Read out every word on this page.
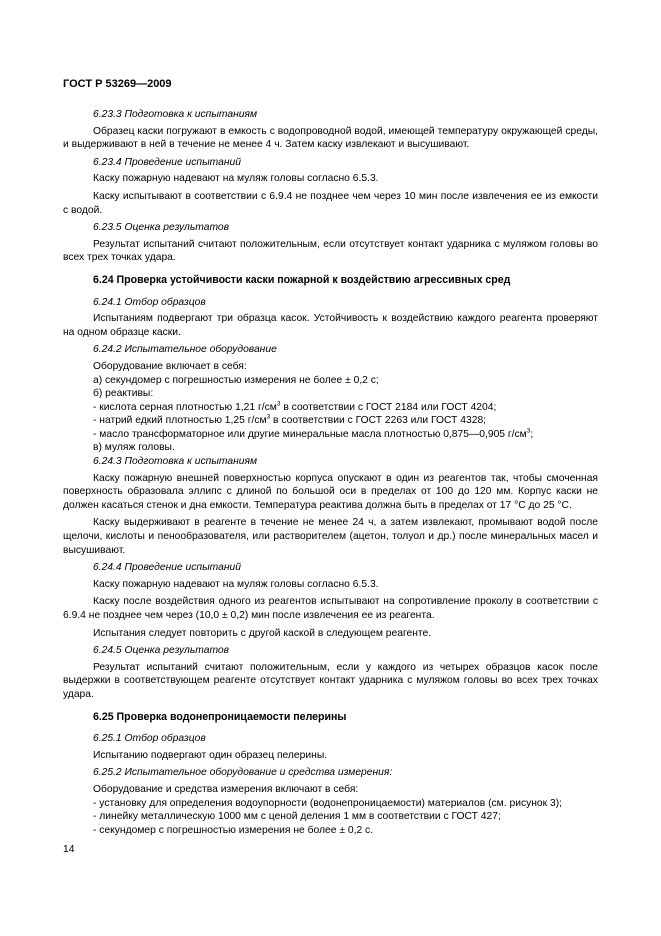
ГОСТ Р 53269—2009

6.23.3 Подготовка к испытаниям

Образец каски погружают в емкость с водопроводной водой, имеющей температуру окружающей среды, и выдерживают в ней в течение не менее 4 ч. Затем каску извлекают и высушивают.

6.23.4 Проведение испытаний

Каску пожарную надевают на муляж головы согласно 6.5.3.

Каску испытывают в соответствии с 6.9.4 не позднее чем через 10 мин после извлечения ее из емкости с водой.

6.23.5 Оценка результатов

Результат испытаний считают положительным, если отсутствует контакт ударника с муляжом головы во всех трех точках удара.

6.24 Проверка устойчивости каски пожарной к воздействию агрессивных сред

6.24.1 Отбор образцов

Испытаниям подвергают три образца касок. Устойчивость к воздействию каждого реагента проверяют на одном образце каски.

6.24.2 Испытательное оборудование

Оборудование включает в себя:

а) секундомер с погрешностью измерения не более ± 0,2 с;

б) реактивы:

- кислота серная плотностью 1,21 $г/см^3$ в соответствии с ГОСТ 2184 или ГОСТ 4204;

- натрий едкий плотностью 1,25 $г/см^3$ в соответствии с ГОСТ 2263 или ГОСТ 4328;

- масло трансформаторное или другие минеральные масла плотностью 0,875—0,905 $г/см^3$;

в) муляж головы.

6.24.3 Подготовка к испытаниям

Каску пожарную внешней поверхностью корпуса опускают в один из реагентов так, чтобы смоченная поверхность образовала эллипс с длиной по большой оси в пределах от 100 до 120 мм. Корпус каски не должен касаться стенок и дна емкости. Температура реактива должна быть в пределах от 17 °С до 25 °С.

Каску выдерживают в реагенте в течение не менее 24 ч, а затем извлекают, промывают водой после щелочи, кислоты и пенообразователя, или растворителем (ацетон, толуол и др.) после минеральных масел и высушивают.

6.24.4 Проведение испытаний

Каску пожарную надевают на муляж головы согласно 6.5.3.

Каску после воздействия одного из реагентов испытывают на сопротивление проколу в соответствии с 6.9.4 не позднее чем через (10,0 ± 0,2) мин после извлечения ее из реагента.

Испытания следует повторить с другой каской в следующем реагенте.

6.24.5 Оценка результатов

Результат испытаний считают положительным, если у каждого из четырех образцов касок после выдержки в соответствующем реагенте отсутствует контакт ударника с муляжом головы во всех трех точках удара.

6.25 Проверка водонепроницаемости пелерины

6.25.1 Отбор образцов

Испытанию подвергают один образец пелерины.

6.25.2 Испытательное оборудование и средства измерения:

Оборудование и средства измерения включают в себя:

- установку для определения водоупорности (водонепроницаемости) материалов (см. рисунок 3);

- линейку металлическую 1000 мм с ценой деления 1 мм в соответствии с ГОСТ 427;

- секундомер с погрешностью измерения не более ± 0,2 с.

14
